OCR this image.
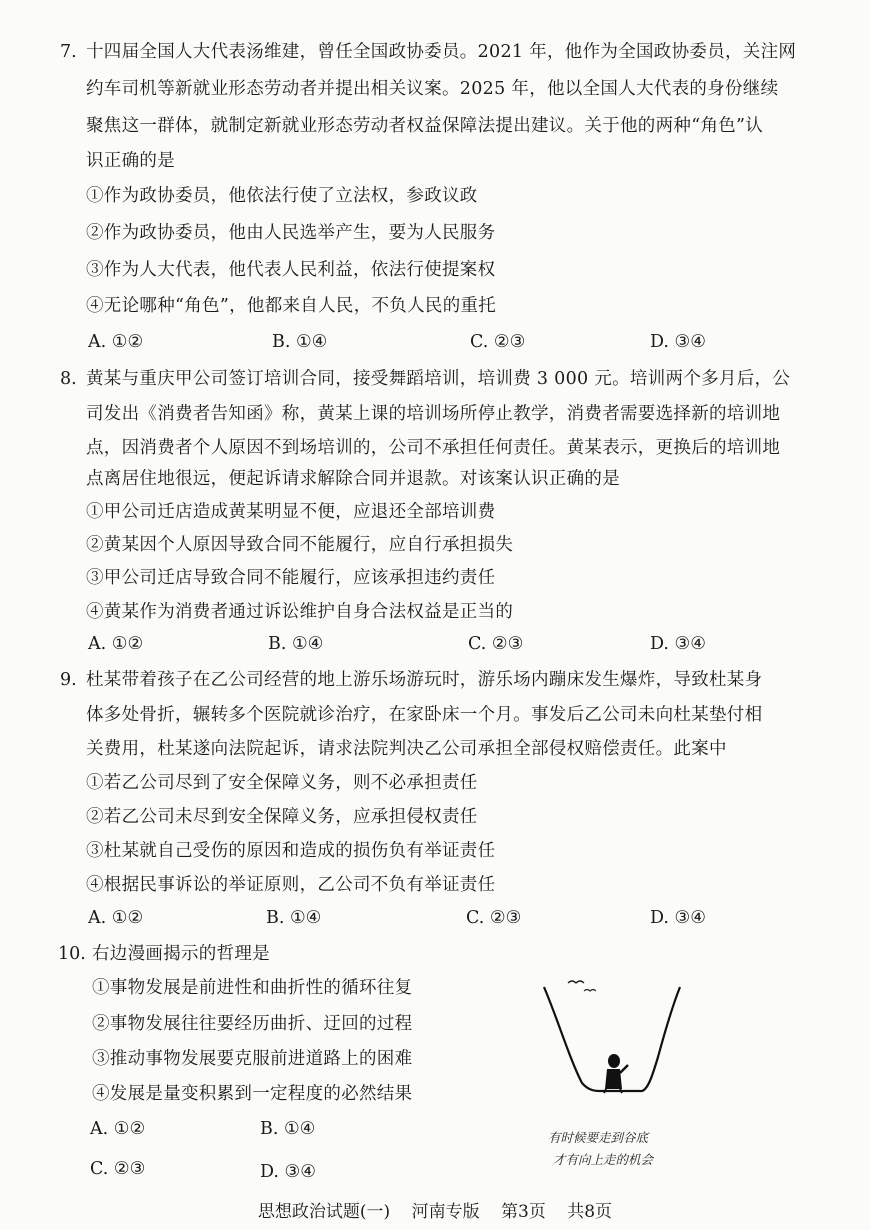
7. 十四届全国人大代表汤维建，曾任全国政协委员。2021 年，他作为全国政协委员，关注网
约车司机等新就业形态劳动者并提出相关议案。2025 年，他以全国人大代表的身份继续
聚焦这一群体，就制定新就业形态劳动者权益保障法提出建议。关于他的两种“角色”认
识正确的是
①作为政协委员，他依法行使了立法权，参政议政
②作为政协委员，他由人民选举产生，要为人民服务
③作为人大代表，他代表人民利益，依法行使提案权
④无论哪种“角色”，他都来自人民，不负人民的重托
A. ①②	B. ①④	C. ②③	D. ③④
8. 黄某与重庆甲公司签订培训合同，接受舞蹈培训，培训费 3 000 元。培训两个多月后，公
司发出《消费者告知函》称，黄某上课的培训场所停止教学，消费者需要选择新的培训地
点，因消费者个人原因不到场培训的，公司不承担任何责任。黄某表示，更换后的培训地
点离居住地很远，便起诉请求解除合同并退款。对该案认识正确的是
①甲公司迁店造成黄某明显不便，应退还全部培训费
②黄某因个人原因导致合同不能履行，应自行承担损失
③甲公司迁店导致合同不能履行，应该承担违约责任
④黄某作为消费者通过诉讼维护自身合法权益是正当的
A. ①②	B. ①④	C. ②③	D. ③④
9. 杜某带着孩子在乙公司经营的地上游乐场游玩时，游乐场内蹦床发生爆炸，导致杜某身
体多处骨折，辗转多个医院就诊治疗，在家卧床一个月。事发后乙公司未向杜某垫付相
关费用，杜某遂向法院起诉，请求法院判决乙公司承担全部侵权赔偿责任。此案中
①若乙公司尽到了安全保障义务，则不必承担责任
②若乙公司未尽到安全保障义务，应承担侵权责任
③杜某就自己受伤的原因和造成的损伤负有举证责任
④根据民事诉讼的举证原则，乙公司不负有举证责任
A. ①②	B. ①④	C. ②③	D. ③④
10. 右边漫画揭示的哲理是
①事物发展是前进性和曲折性的循环往复
②事物发展往往要经历曲折、迂回的过程
③推动事物发展要克服前进道路上的困难
④发展是量变积累到一定程度的必然结果
A. ①②	B. ①④
C. ②③	D. ③④
有时候要走到谷底
才有向上走的机会
思想政治试题(一) 河南专版 第3页 共8页
